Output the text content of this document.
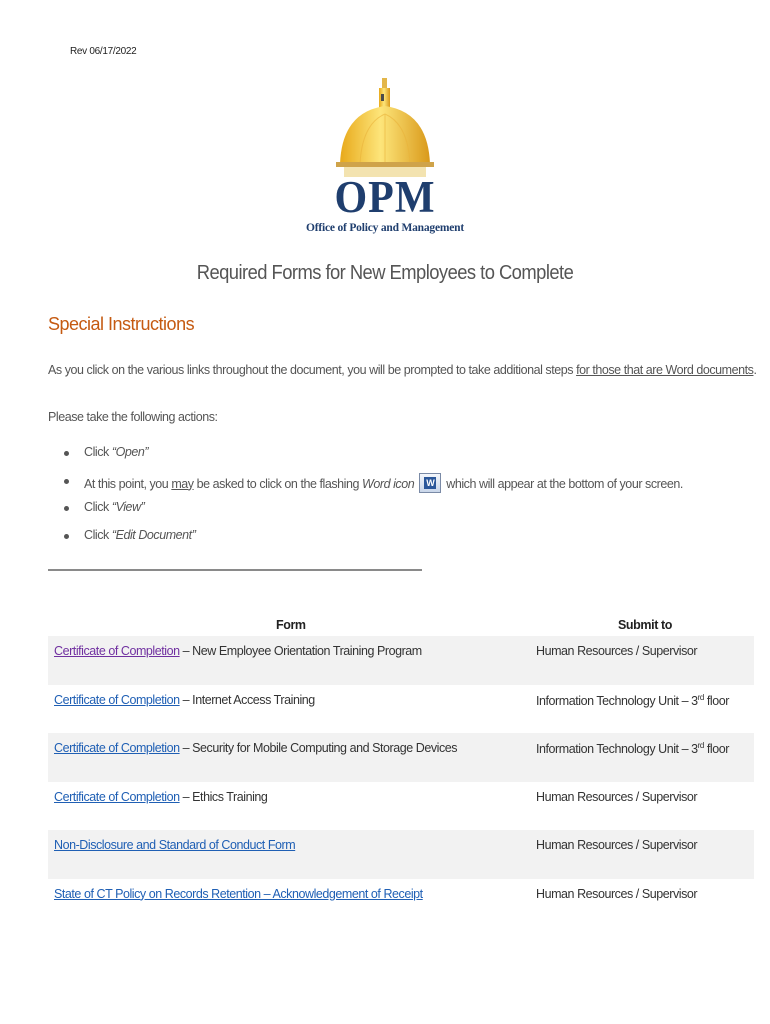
Rev 06/17/2022
OPM
Office of Policy and Management
Required Forms for New Employees to Complete
Special Instructions
As you click on the various links throughout the document, you will be prompted to take additional steps for those that are Word documents.
Please take the following actions:
Click “Open”
At this point, you may be asked to click on the flashing Word icon W which will appear at the bottom of your screen.
Click “View”
Click “Edit Document”
Form	Submit to
Certificate of Completion – New Employee Orientation Training Program	Human Resources / Supervisor
Certificate of Completion – Internet Access Training	Information Technology Unit – 3rd floor
Certificate of Completion – Security for Mobile Computing and Storage Devices	Information Technology Unit – 3rd floor
Certificate of Completion – Ethics Training	Human Resources / Supervisor
Non-Disclosure and Standard of Conduct Form	Human Resources / Supervisor
State of CT Policy on Records Retention – Acknowledgement of Receipt	Human Resources / Supervisor
